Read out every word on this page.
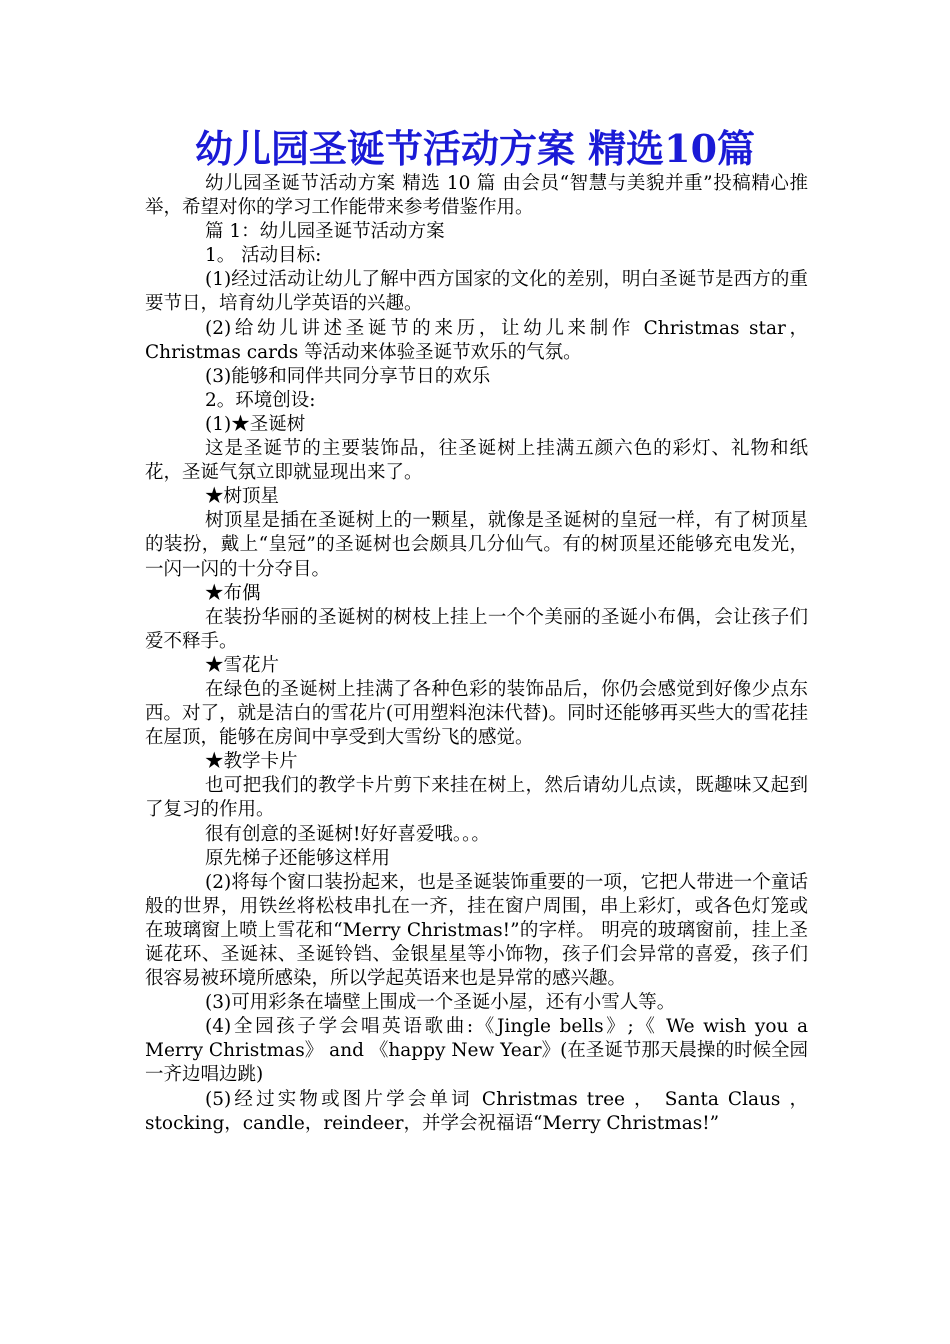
幼儿园圣诞节活动方案 精选10篇

幼儿园圣诞节活动方案 精选 10 篇 由会员“智慧与美貌并重”投稿精心推举，希望对你的学习工作能带来参考借鉴作用。

篇 1：幼儿园圣诞节活动方案

1。 活动目标:

(1)经过活动让幼儿了解中西方国家的文化的差别，明白圣诞节是西方的重要节日，培育幼儿学英语的兴趣。

(2)给幼儿讲述圣诞节的来历，让幼儿来制作 Christmas star，Christmas cards 等活动来体验圣诞节欢乐的气氛。

(3)能够和同伴共同分享节日的欢乐

2。环境创设:

(1)★圣诞树

这是圣诞节的主要装饰品，往圣诞树上挂满五颜六色的彩灯、礼物和纸花，圣诞气氛立即就显现出来了。

★树顶星

树顶星是插在圣诞树上的一颗星，就像是圣诞树的皇冠一样，有了树顶星的装扮，戴上“皇冠”的圣诞树也会颇具几分仙气。有的树顶星还能够充电发光，一闪一闪的十分夺目。

★布偶

在装扮华丽的圣诞树的树枝上挂上一个个美丽的圣诞小布偶，会让孩子们爱不释手。

★雪花片

在绿色的圣诞树上挂满了各种色彩的装饰品后，你仍会感觉到好像少点东西。对了，就是洁白的雪花片(可用塑料泡沫代替)。同时还能够再买些大的雪花挂在屋顶，能够在房间中享受到大雪纷飞的感觉。

★教学卡片

也可把我们的教学卡片剪下来挂在树上，然后请幼儿点读，既趣味又起到了复习的作用。

很有创意的圣诞树!好好喜爱哦。。。

原先梯子还能够这样用

(2)将每个窗口装扮起来，也是圣诞装饰重要的一项，它把人带进一个童话般的世界，用铁丝将松枝串扎在一齐，挂在窗户周围，串上彩灯，或各色灯笼或在玻璃窗上喷上雪花和“Merry Christmas!”的字样。 明亮的玻璃窗前，挂上圣诞花环、圣诞袜、圣诞铃铛、金银星星等小饰物，孩子们会异常的喜爱，孩子们很容易被环境所感染，所以学起英语来也是异常的感兴趣。

(3)可用彩条在墙壁上围成一个圣诞小屋，还有小雪人等。

(4)全园孩子学会唱英语歌曲:《Jingle bells》;《 We wish you a Merry Christmas》 and 《happy New Year》(在圣诞节那天晨操的时候全园一齐边唱边跳)

(5)经过实物或图片学会单词 Christmas tree ， Santa Claus ，stocking，candle，reindeer，并学会祝福语“Merry Christmas!”
